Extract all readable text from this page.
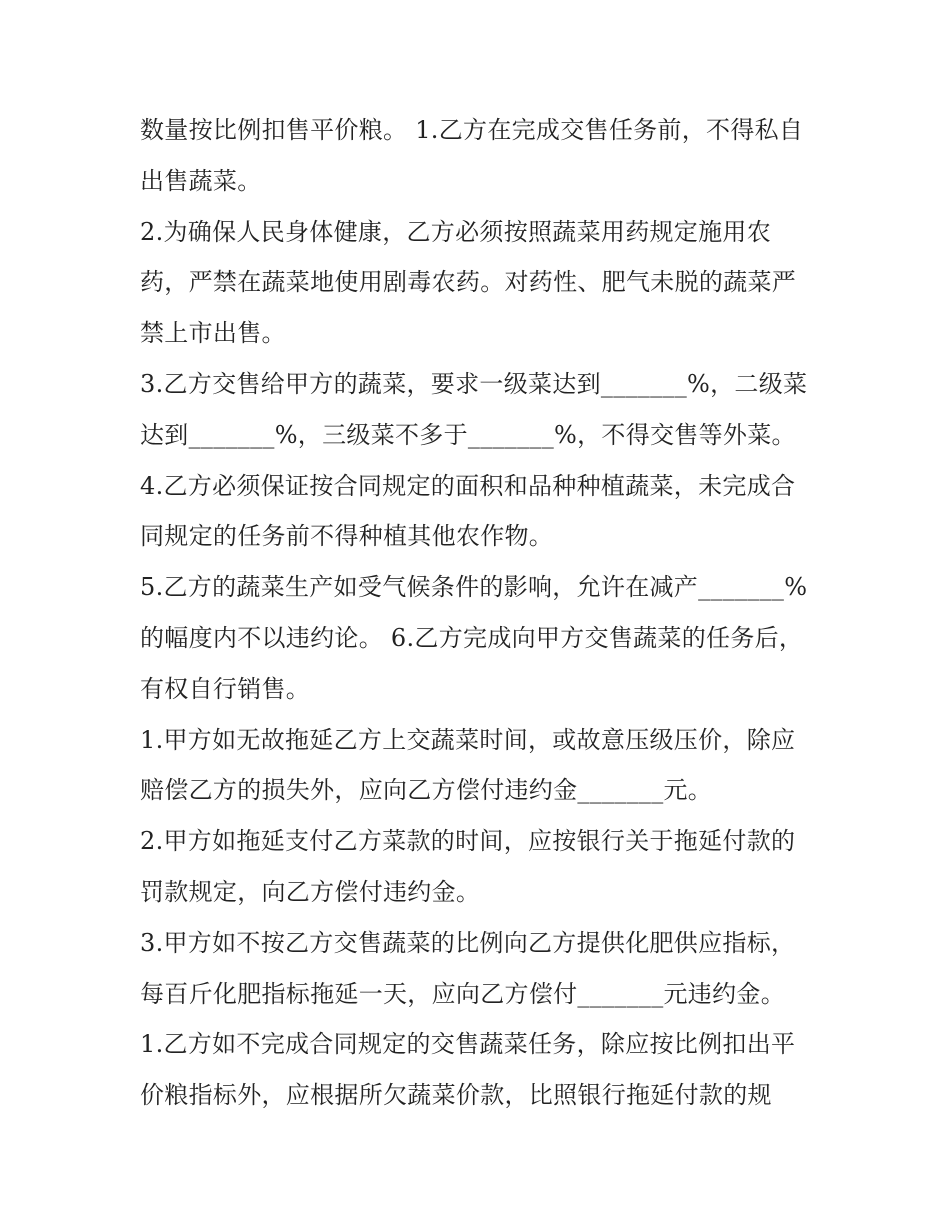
数量按比例扣售平价粮。 1.乙方在完成交售任务前，不得私自
出售蔬菜。
2.为确保人民身体健康，乙方必须按照蔬菜用药规定施用农
药，严禁在蔬菜地使用剧毒农药。对药性、肥气未脱的蔬菜严
禁上市出售。
3.乙方交售给甲方的蔬菜，要求一级菜达到_______%，二级菜
达到_______%，三级菜不多于_______%，不得交售等外菜。
4.乙方必须保证按合同规定的面积和品种种植蔬菜，未完成合
同规定的任务前不得种植其他农作物。
5.乙方的蔬菜生产如受气候条件的影响，允许在减产_______%
的幅度内不以违约论。 6.乙方完成向甲方交售蔬菜的任务后，
有权自行销售。
1.甲方如无故拖延乙方上交蔬菜时间，或故意压级压价，除应
赔偿乙方的损失外，应向乙方偿付违约金_______元。
2.甲方如拖延支付乙方菜款的时间，应按银行关于拖延付款的
罚款规定，向乙方偿付违约金。
3.甲方如不按乙方交售蔬菜的比例向乙方提供化肥供应指标，
每百斤化肥指标拖延一天，应向乙方偿付_______元违约金。
1.乙方如不完成合同规定的交售蔬菜任务，除应按比例扣出平
价粮指标外，应根据所欠蔬菜价款，比照银行拖延付款的规
